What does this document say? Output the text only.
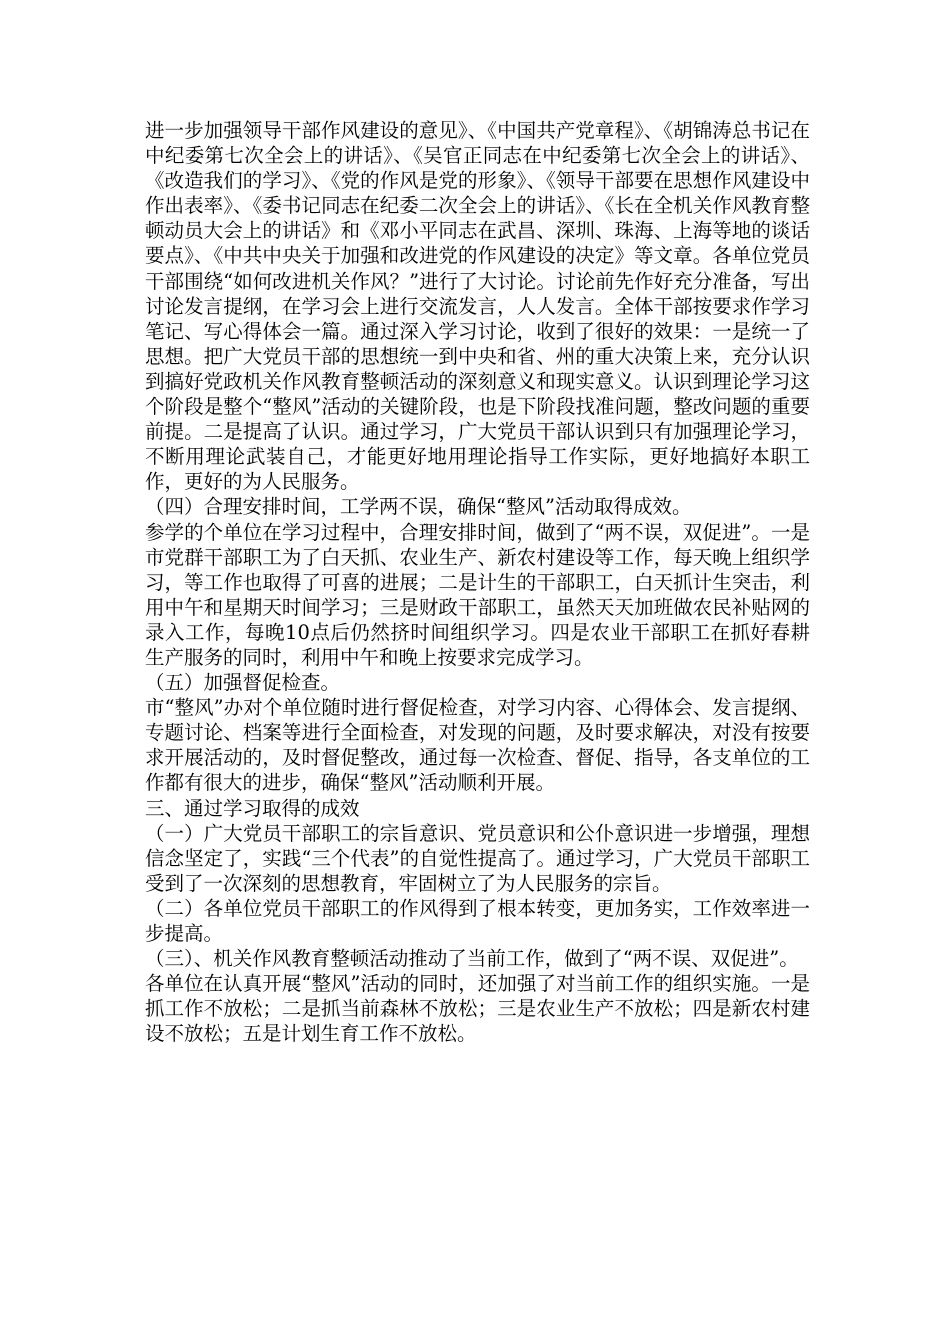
进一步加强领导干部作风建设的意见》、《中国共产党章程》、《胡锦涛总书记在中纪委第七次全会上的讲话》、《吴官正同志在中纪委第七次全会上的讲话》、《改造我们的学习》、《党的作风是党的形象》、《领导干部要在思想作风建设中作出表率》、《委书记同志在纪委二次全会上的讲话》、《长在全机关作风教育整顿动员大会上的讲话》和《邓小平同志在武昌、深圳、珠海、上海等地的谈话要点》、《中共中央关于加强和改进党的作风建设的决定》等文章。各单位党员干部围绕“如何改进机关作风？”进行了大讨论。讨论前先作好充分准备，写出讨论发言提纲，在学习会上进行交流发言，人人发言。全体干部按要求作学习笔记、写心得体会一篇。通过深入学习讨论，收到了很好的效果：一是统一了思想。把广大党员干部的思想统一到中央和省、州的重大决策上来，充分认识到搞好党政机关作风教育整顿活动的深刻意义和现实意义。认识到理论学习这个阶段是整个“整风”活动的关键阶段，也是下阶段找准问题，整改问题的重要前提。二是提高了认识。通过学习，广大党员干部认识到只有加强理论学习，不断用理论武装自己，才能更好地用理论指导工作实际，更好地搞好本职工作，更好的为人民服务。

（四）合理安排时间，工学两不误，确保“整风”活动取得成效。

参学的个单位在学习过程中，合理安排时间，做到了“两不误，双促进”。一是市党群干部职工为了白天抓、农业生产、新农村建设等工作，每天晚上组织学习，等工作也取得了可喜的进展；二是计生的干部职工，白天抓计生突击，利用中午和星期天时间学习；三是财政干部职工，虽然天天加班做农民补贴网的录入工作，每晚10点后仍然挤时间组织学习。四是农业干部职工在抓好春耕生产服务的同时，利用中午和晚上按要求完成学习。

（五）加强督促检查。

市“整风”办对个单位随时进行督促检查，对学习内容、心得体会、发言提纲、专题讨论、档案等进行全面检查，对发现的问题，及时要求解决，对没有按要求开展活动的，及时督促整改，通过每一次检查、督促、指导，各支单位的工作都有很大的进步，确保“整风”活动顺利开展。

三、通过学习取得的成效

（一）广大党员干部职工的宗旨意识、党员意识和公仆意识进一步增强，理想信念坚定了，实践“三个代表”的自觉性提高了。通过学习，广大党员干部职工受到了一次深刻的思想教育，牢固树立了为人民服务的宗旨。

（二）各单位党员干部职工的作风得到了根本转变，更加务实，工作效率进一步提高。

（三）、机关作风教育整顿活动推动了当前工作，做到了“两不误、双促进”。

各单位在认真开展“整风”活动的同时，还加强了对当前工作的组织实施。一是抓工作不放松；二是抓当前森林不放松；三是农业生产不放松；四是新农村建设不放松；五是计划生育工作不放松。
